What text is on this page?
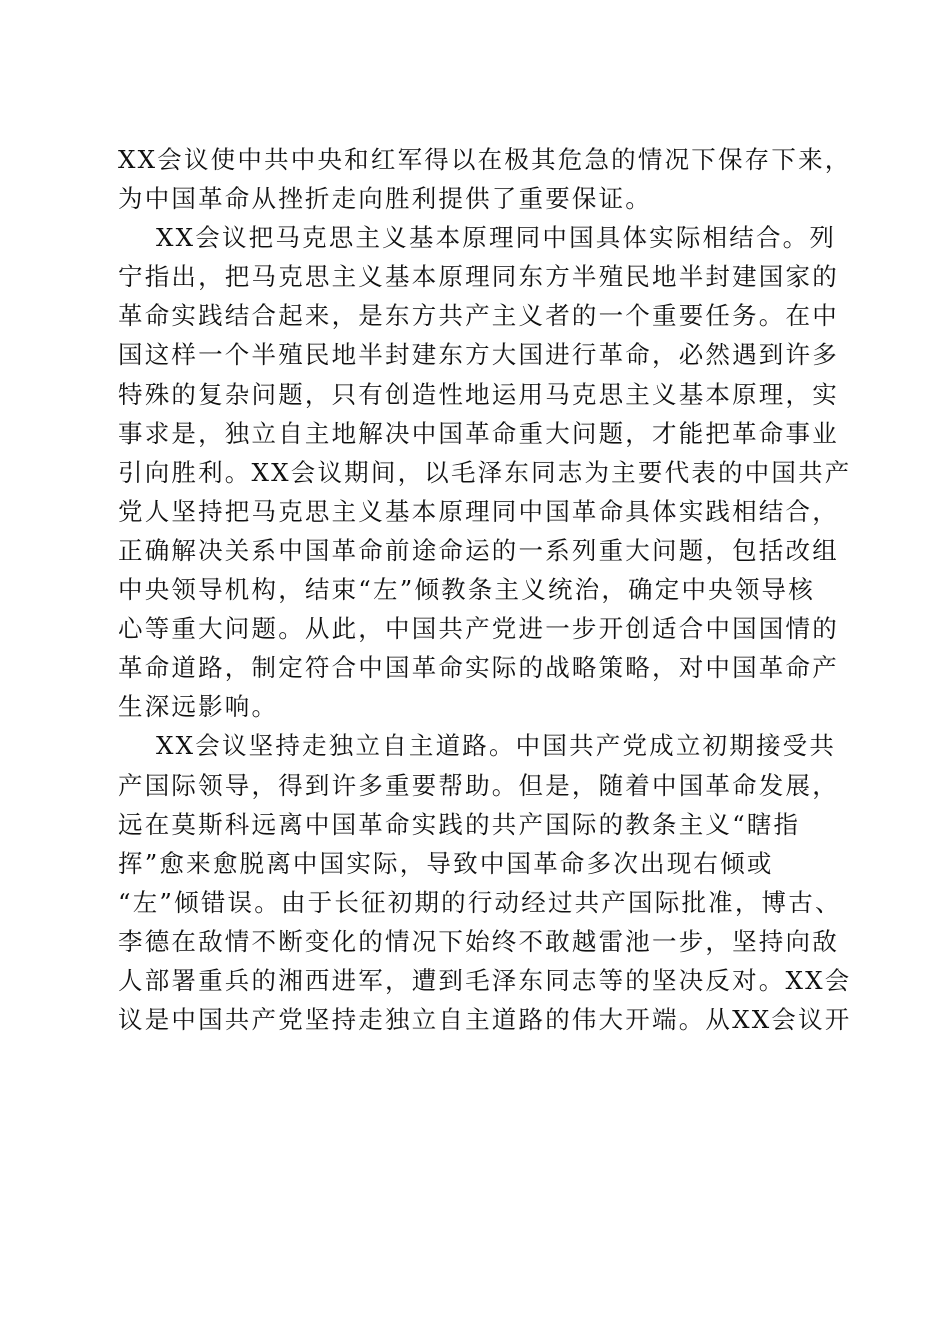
XX会议使中共中央和红军得以在极其危急的情况下保存下来，
为中国革命从挫折走向胜利提供了重要保证。
XX会议把马克思主义基本原理同中国具体实际相结合。列
宁指出，把马克思主义基本原理同东方半殖民地半封建国家的
革命实践结合起来，是东方共产主义者的一个重要任务。在中
国这样一个半殖民地半封建东方大国进行革命，必然遇到许多
特殊的复杂问题，只有创造性地运用马克思主义基本原理，实
事求是，独立自主地解决中国革命重大问题，才能把革命事业
引向胜利。XX会议期间，以毛泽东同志为主要代表的中国共产
党人坚持把马克思主义基本原理同中国革命具体实践相结合，
正确解决关系中国革命前途命运的一系列重大问题，包括改组
中央领导机构，结束“左”倾教条主义统治，确定中央领导核
心等重大问题。从此，中国共产党进一步开创适合中国国情的
革命道路，制定符合中国革命实际的战略策略，对中国革命产
生深远影响。
XX会议坚持走独立自主道路。中国共产党成立初期接受共
产国际领导，得到许多重要帮助。但是，随着中国革命发展，
远在莫斯科远离中国革命实践的共产国际的教条主义“瞎指
挥”愈来愈脱离中国实际，导致中国革命多次出现右倾或
“左”倾错误。由于长征初期的行动经过共产国际批准，博古、
李德在敌情不断变化的情况下始终不敢越雷池一步，坚持向敌
人部署重兵的湘西进军，遭到毛泽东同志等的坚决反对。XX会
议是中国共产党坚持走独立自主道路的伟大开端。从XX会议开
